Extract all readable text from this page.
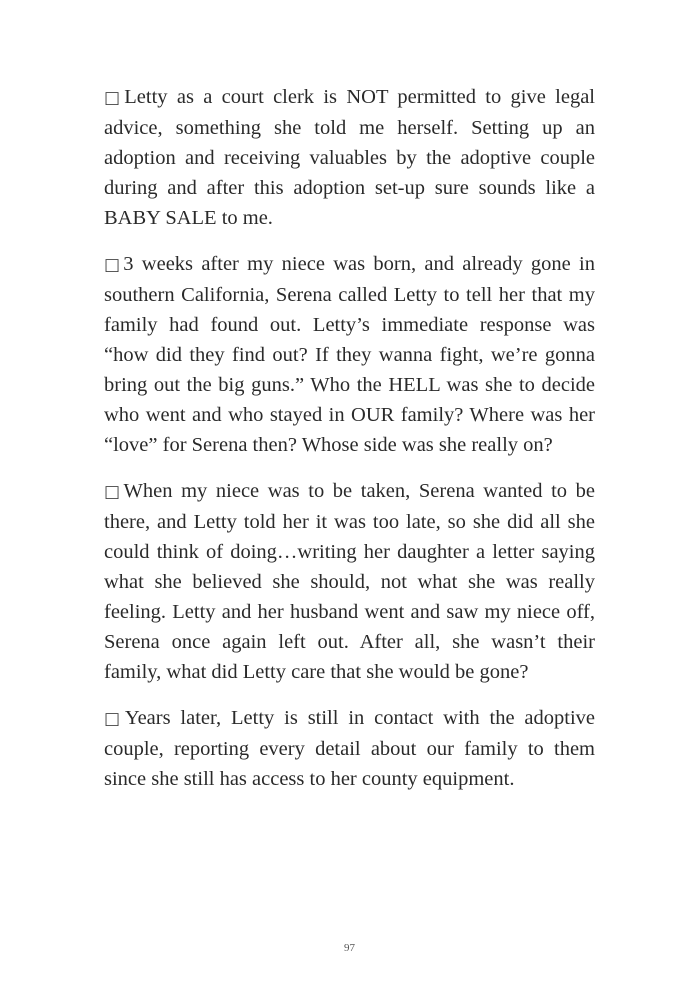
□Letty as a court clerk is NOT permitted to give legal advice, something she told me herself. Setting up an adoption and receiving valuables by the adoptive couple during and after this adoption set-up sure sounds like a BABY SALE to me.

□3 weeks after my niece was born, and already gone in southern California, Serena called Letty to tell her that my family had found out. Letty’s immediate response was “how did they find out? If they wanna fight, we’re gonna bring out the big guns.” Who the HELL was she to decide who went and who stayed in OUR family? Where was her “love” for Serena then? Whose side was she really on?

□When my niece was to be taken, Serena wanted to be there, and Letty told her it was too late, so she did all she could think of doing…writing her daughter a letter saying what she believed she should, not what she was really feeling. Letty and her husband went and saw my niece off, Serena once again left out. After all, she wasn’t their family, what did Letty care that she would be gone?

□Years later, Letty is still in contact with the adoptive couple, reporting every detail about our family to them since she still has access to her county equipment.

97
